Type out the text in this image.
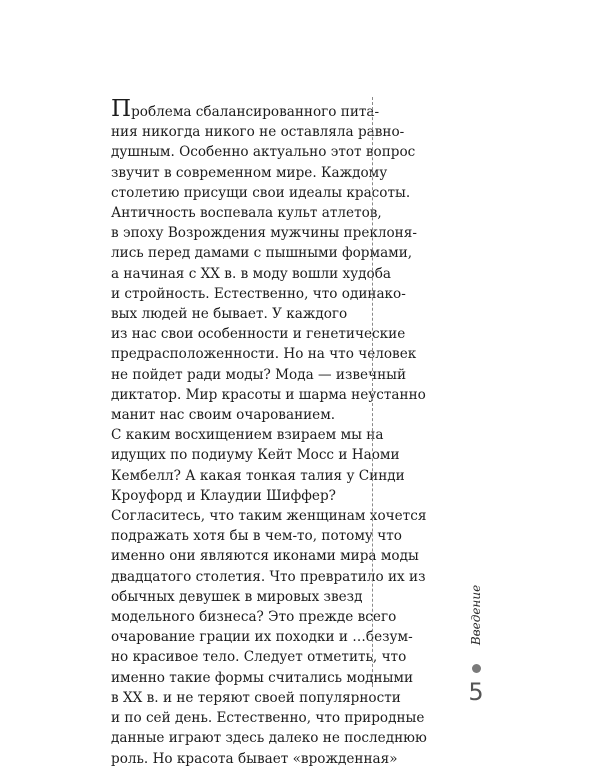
Проблема сбалансированного пита-
ния никогда никого не оставляла равно-
душным. Особенно актуально этот вопрос
звучит в современном мире. Каждому
столетию присущи свои идеалы красоты.
Античность воспевала культ атлетов,
в эпоху Возрождения мужчины преклоня-
лись перед дамами с пышными формами,
а начиная с XX в. в моду вошли худоба
и стройность. Естественно, что одинако-
вых людей не бывает. У каждого
из нас свои особенности и генетические
предрасположенности. Но на что человек
не пойдет ради моды? Мода — извечный
диктатор. Мир красоты и шарма неустанно
манит нас своим очарованием.
С каким восхищением взираем мы на
идущих по подиуму Кейт Мосс и Наоми
Кембелл? А какая тонкая талия у Синди
Кроуфорд и Клаудии Шиффер?
Согласитесь, что таким женщинам хочется
подражать хотя бы в чем-то, потому что
именно они являются иконами мира моды
двадцатого столетия. Что превратило их из
обычных девушек в мировых звезд
модельного бизнеса? Это прежде всего
очарование грации их походки и …безум-
но красивое тело. Следует отметить, что
именно такие формы считались модными
в XX в. и не теряют своей популярности
и по сей день. Естественно, что природные
данные играют здесь далеко не последнюю
роль. Но красота бывает «врожденная»
Введение
5
